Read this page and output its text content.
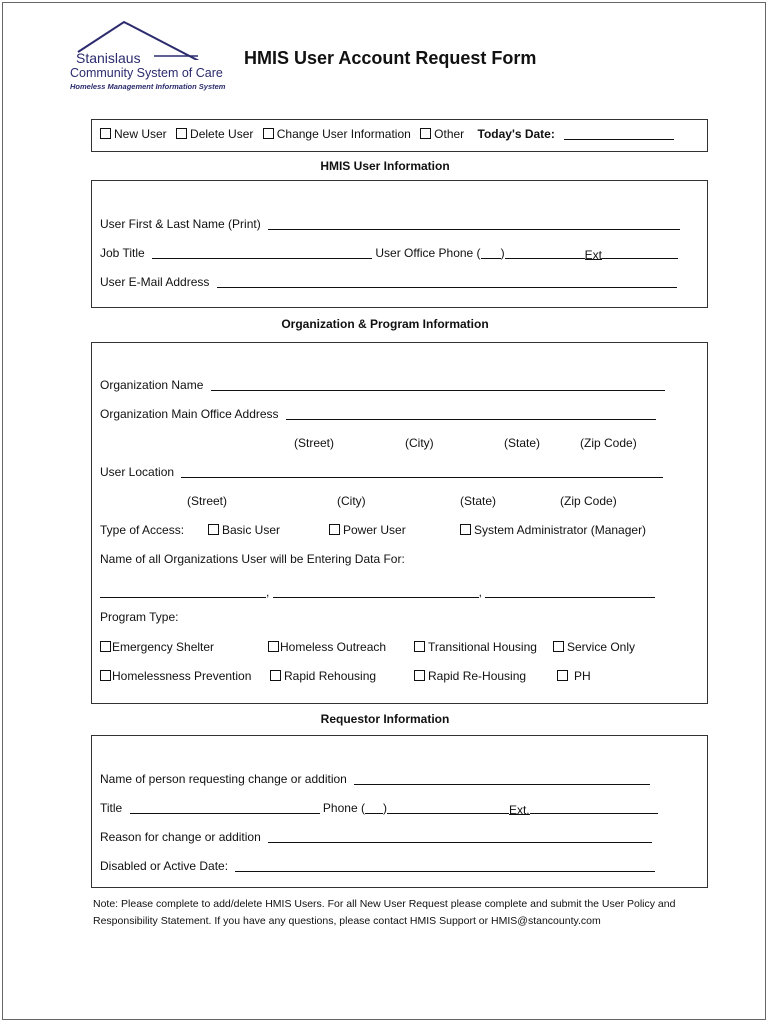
Stanislaus
Community System of Care
Homeless Management Information System
HMIS User Account Request Form
New User Delete User Change User Information Other Today's Date:
HMIS User Information
User First & Last Name (Print)
Job Title	User Office Phone ( )	Ext
User E-Mail Address
Organization & Program Information
Organization Name
Organization Main Office Address
(Street)	(City)	(State)	(Zip Code)
User Location
(Street)	(City)	(State)	(Zip Code)
Type of Access:	Basic User	Power User	System Administrator (Manager)
Name of all Organizations User will be Entering Data For:
,	,
Program Type:
Emergency Shelter	Homeless Outreach	Transitional Housing	Service Only
Homelessness Prevention	Rapid Rehousing	Rapid Re-Housing	PH
Requestor Information
Name of person requesting change or addition
Title	Phone ( )	Ext.
Reason for change or addition
Disabled or Active Date:
Note: Please complete to add/delete HMIS Users. For all New User Request please complete and submit the User Policy and Responsibility Statement. If you have any questions, please contact HMIS Support or HMIS@stancounty.com
